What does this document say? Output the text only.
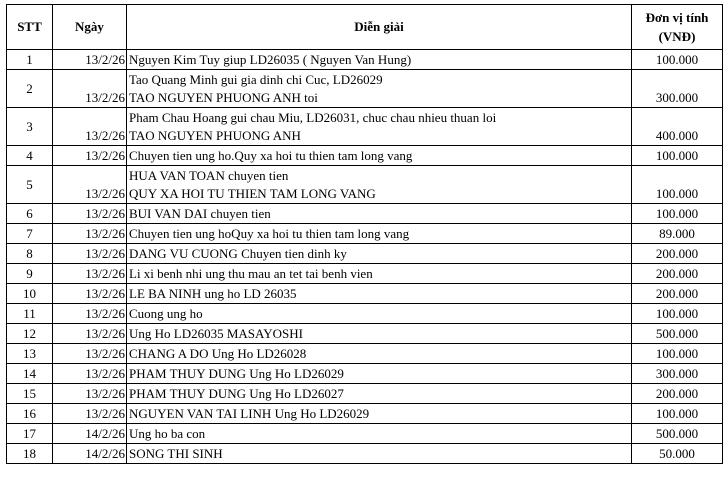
STT	Ngày	Diễn giải	Đơn vị tính
(VNĐ)

1	13/2/26	Nguyen Kim Tuy giup LD26035 ( Nguyen Van Hung)	100.000
2	13/2/26	Tao Quang Minh gui gia dinh chi Cuc, LD26029
TAO NGUYEN PHUONG ANH toi	300.000
3	13/2/26	Pham Chau Hoang gui chau Miu, LD26031, chuc chau nhieu thuan loi
TAO NGUYEN PHUONG ANH	400.000
4	13/2/26	Chuyen tien ung ho.Quy xa hoi tu thien tam long vang	100.000
5	13/2/26	HUA VAN TOAN chuyen tien
QUY XA HOI TU THIEN TAM LONG VANG	100.000
6	13/2/26	BUI VAN DAI chuyen tien	100.000
7	13/2/26	Chuyen tien ung hoQuy xa hoi tu thien tam long vang	89.000
8	13/2/26	DANG VU CUONG Chuyen tien dinh ky	200.000
9	13/2/26	Li xi benh nhi ung thu mau an tet tai benh vien	200.000
10	13/2/26	LE BA NINH ung ho LD 26035	200.000
11	13/2/26	Cuong ung ho	100.000
12	13/2/26	Ung Ho LD26035 MASAYOSHI	500.000
13	13/2/26	CHANG A DO Ung Ho LD26028	100.000
14	13/2/26	PHAM THUY DUNG Ung Ho LD26029	300.000
15	13/2/26	PHAM THUY DUNG Ung Ho LD26027	200.000
16	13/2/26	NGUYEN VAN TAI LINH Ung Ho LD26029	100.000
17	14/2/26	Ung ho ba con	500.000
18	14/2/26	SONG THI SINH	50.000
